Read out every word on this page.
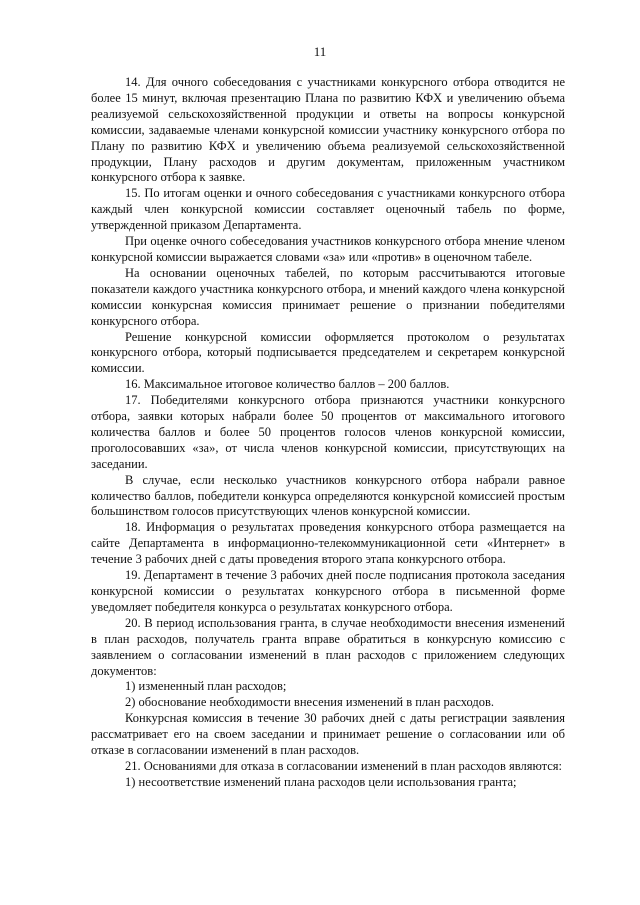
11

14. Для очного собеседования с участниками конкурсного отбора отводится не более 15 минут, включая презентацию Плана по развитию КФХ и увеличению объема реализуемой сельскохозяйственной продукции и ответы на вопросы конкурсной комиссии, задаваемые членами конкурсной комиссии участнику конкурсного отбора по Плану по развитию КФХ и увеличению объема реализуемой сельскохозяйственной продукции, Плану расходов и другим документам, приложенным участником конкурсного отбора к заявке.

15. По итогам оценки и очного собеседования с участниками конкурсного отбора каждый член конкурсной комиссии составляет оценочный табель по форме, утвержденной приказом Департамента.

При оценке очного собеседования участников конкурсного отбора мнение членом конкурсной комиссии выражается словами «за» или «против» в оценочном табеле.

На основании оценочных табелей, по которым рассчитываются итоговые показатели каждого участника конкурсного отбора, и мнений каждого члена конкурсной комиссии конкурсная комиссия принимает решение о признании победителями конкурсного отбора.

Решение конкурсной комиссии оформляется протоколом о результатах конкурсного отбора, который подписывается председателем и секретарем конкурсной комиссии.

16. Максимальное итоговое количество баллов – 200 баллов.

17. Победителями конкурсного отбора признаются участники конкурсного отбора, заявки которых набрали более 50 процентов от максимального итогового количества баллов и более 50 процентов голосов членов конкурсной комиссии, проголосовавших «за», от числа членов конкурсной комиссии, присутствующих на заседании.

В случае, если несколько участников конкурсного отбора набрали равное количество баллов, победители конкурса определяются конкурсной комиссией простым большинством голосов присутствующих членов конкурсной комиссии.

18. Информация о результатах проведения конкурсного отбора размещается на сайте Департамента в информационно-телекоммуникационной сети «Интернет» в течение 3 рабочих дней с даты проведения второго этапа конкурсного отбора.

19. Департамент в течение 3 рабочих дней после подписания протокола заседания конкурсной комиссии о результатах конкурсного отбора в письменной форме уведомляет победителя конкурса о результатах конкурсного отбора.

20. В период использования гранта, в случае необходимости внесения изменений в план расходов, получатель гранта вправе обратиться в конкурсную комиссию с заявлением о согласовании изменений в план расходов с приложением следующих документов:

1) измененный план расходов;

2) обоснование необходимости внесения изменений в план расходов.

Конкурсная комиссия в течение 30 рабочих дней с даты регистрации заявления рассматривает его на своем заседании и принимает решение о согласовании или об отказе в согласовании изменений в план расходов.

21. Основаниями для отказа в согласовании изменений в план расходов являются:

1) несоответствие изменений плана расходов цели использования гранта;
